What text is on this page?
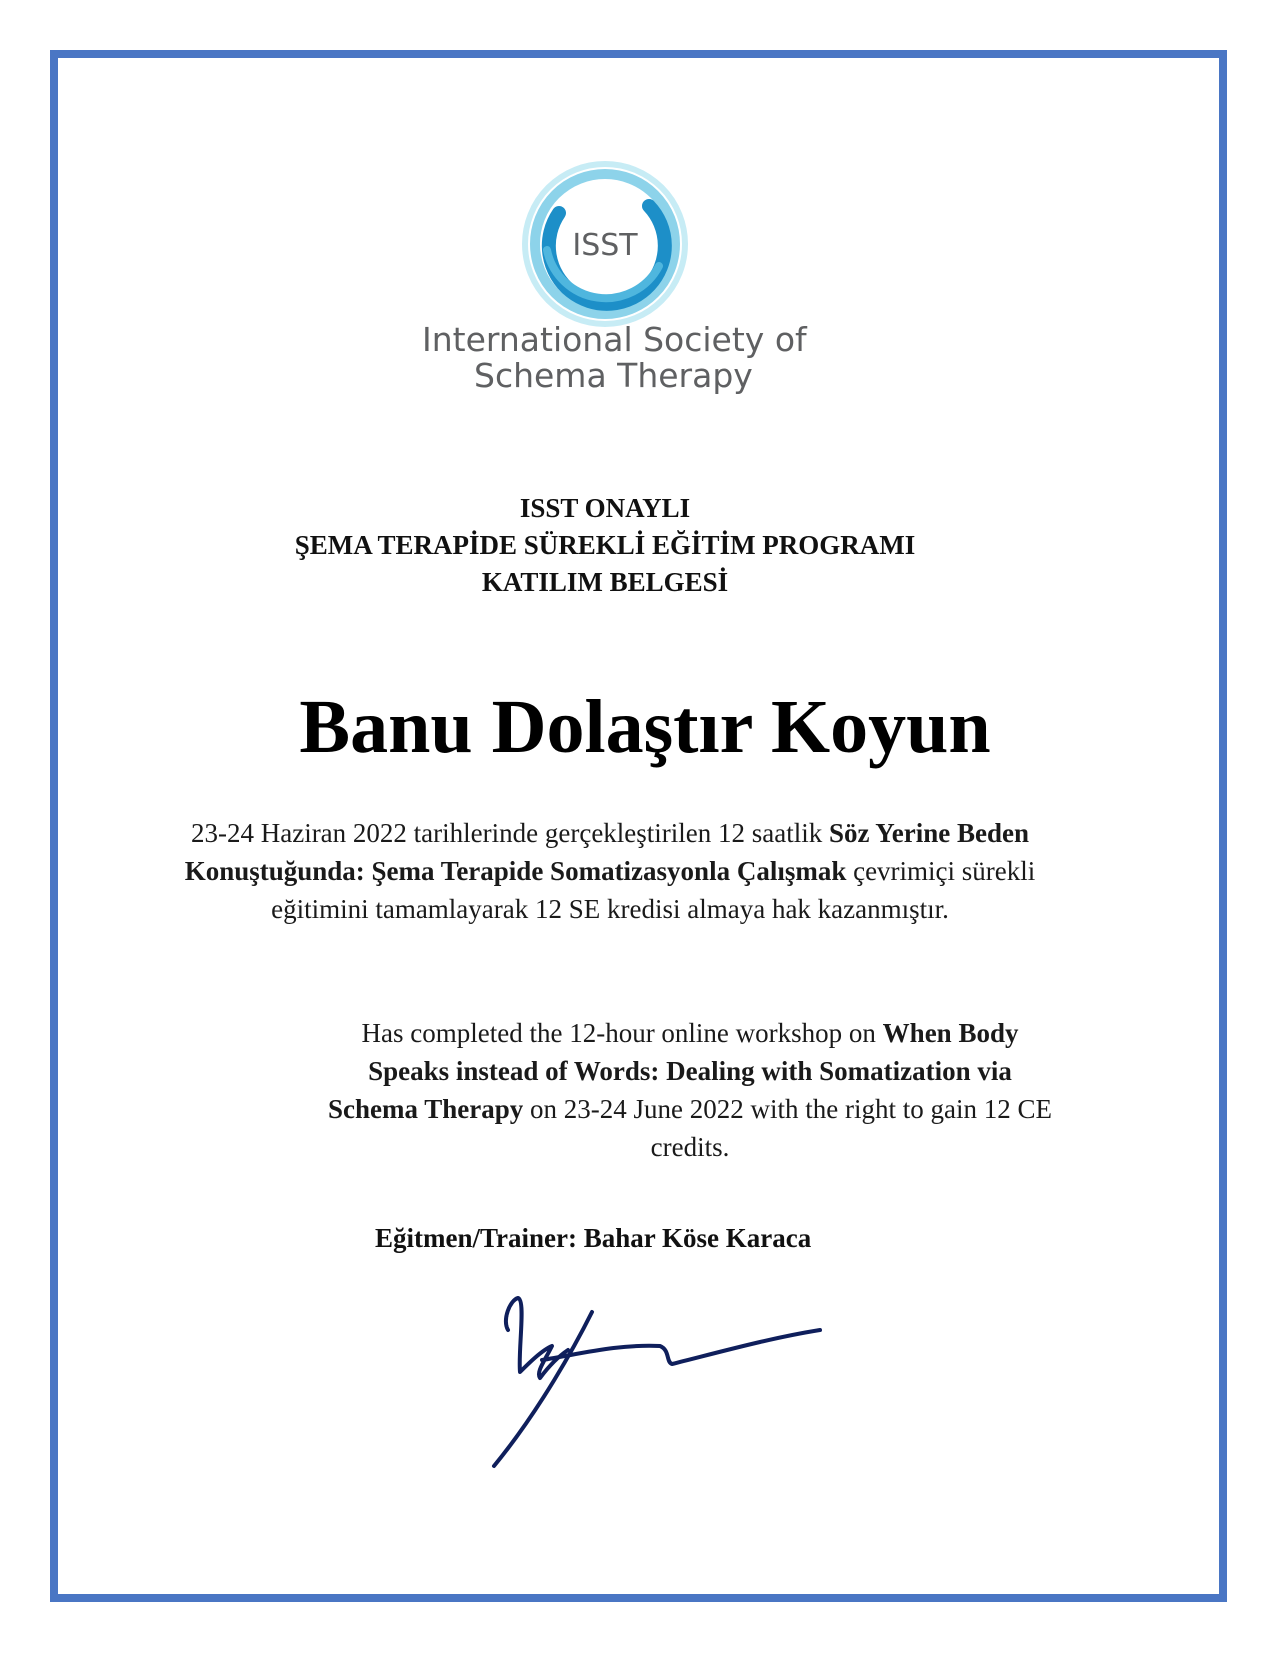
ISST
International Society of
Schema Therapy
ISST ONAYLI
ŞEMA TERAPİDE SÜREKLİ EĞİTİM PROGRAMI
KATILIM BELGESİ
Banu Dolaştır Koyun
23-24 Haziran 2022 tarihlerinde gerçekleştirilen 12 saatlik Söz Yerine Beden Konuştuğunda: Şema Terapide Somatizasyonla Çalışmak çevrimiçi sürekli eğitimini tamamlayarak 12 SE kredisi almaya hak kazanmıştır.
Has completed the 12-hour online workshop on When Body Speaks instead of Words: Dealing with Somatization via Schema Therapy on 23-24 June 2022 with the right to gain 12 CE credits.
Eğitmen/Trainer: Bahar Köse Karaca
